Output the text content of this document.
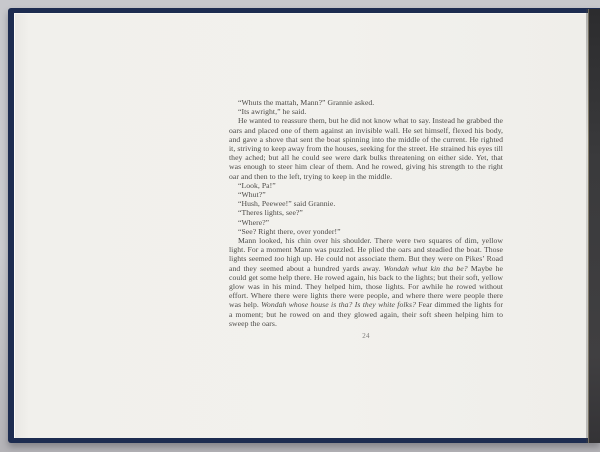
“Whuts the mattah, Mann?” Grannie asked.

“Its awright,” he said.

He wanted to reassure them, but he did not know what to say. Instead he grabbed the oars and placed one of them against an invisible wall. He set himself, flexed his body, and gave a shove that sent the boat spinning into the middle of the current. He righted it, striving to keep away from the houses, seeking for the street. He strained his eyes till they ached; but all he could see were dark bulks threatening on either side. Yet, that was enough to steer him clear of them. And he rowed, giving his strength to the right oar and then to the left, trying to keep in the middle.

“Look, Pa!”

“Whut?”

“Hush, Peewee!” said Grannie.

“Theres lights, see?”

“Where?”

“See? Right there, over yonder!”

Mann looked, his chin over his shoulder. There were two squares of dim, yellow light. For a moment Mann was puzzled. He plied the oars and steadied the boat. Those lights seemed too high up. He could not associate them. But they were on Pikes’ Road and they seemed about a hundred yards away. Wondah whut kin tha be? Maybe he could get some help there. He rowed again, his back to the lights; but their soft, yellow glow was in his mind. They helped him, those lights. For awhile he rowed without effort. Where there were lights there were people, and where there were people there was help. Wondah whose house is tha? Is they white folks? Fear dimmed the lights for a moment; but he rowed on and they glowed again, their soft sheen helping him to sweep the oars.

24
